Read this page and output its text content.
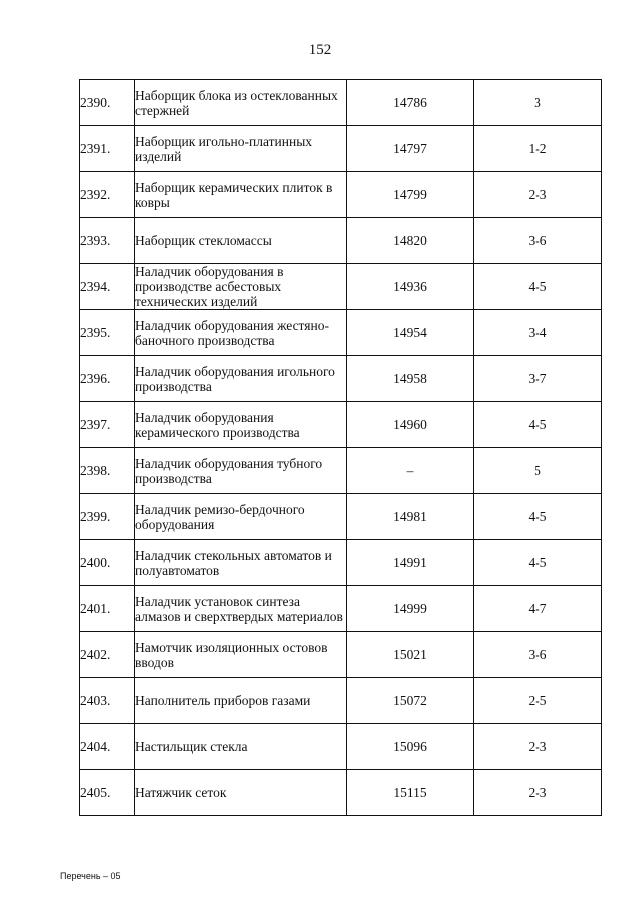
152
2390.	Наборщик блока из остеклованных стержней	14786	3
2391.	Наборщик игольно-платинных изделий	14797	1-2
2392.	Наборщик керамических плиток в ковры	14799	2-3
2393.	Наборщик стекломассы	14820	3-6
2394.	Наладчик оборудования в производстве асбестовых технических изделий	14936	4-5
2395.	Наладчик оборудования жестяно-баночного производства	14954	3-4
2396.	Наладчик оборудования игольного производства	14958	3-7
2397.	Наладчик оборудования керамического производства	14960	4-5
2398.	Наладчик оборудования тубного производства	–	5
2399.	Наладчик ремизо-бердочного оборудования	14981	4-5
2400.	Наладчик стекольных автоматов и полуавтоматов	14991	4-5
2401.	Наладчик установок синтеза алмазов и сверхтвердых материалов	14999	4-7
2402.	Намотчик изоляционных остовов вводов	15021	3-6
2403.	Наполнитель приборов газами	15072	2-5
2404.	Настильщик стекла	15096	2-3
2405.	Натяжчик сеток	15115	2-3
Перечень – 05
